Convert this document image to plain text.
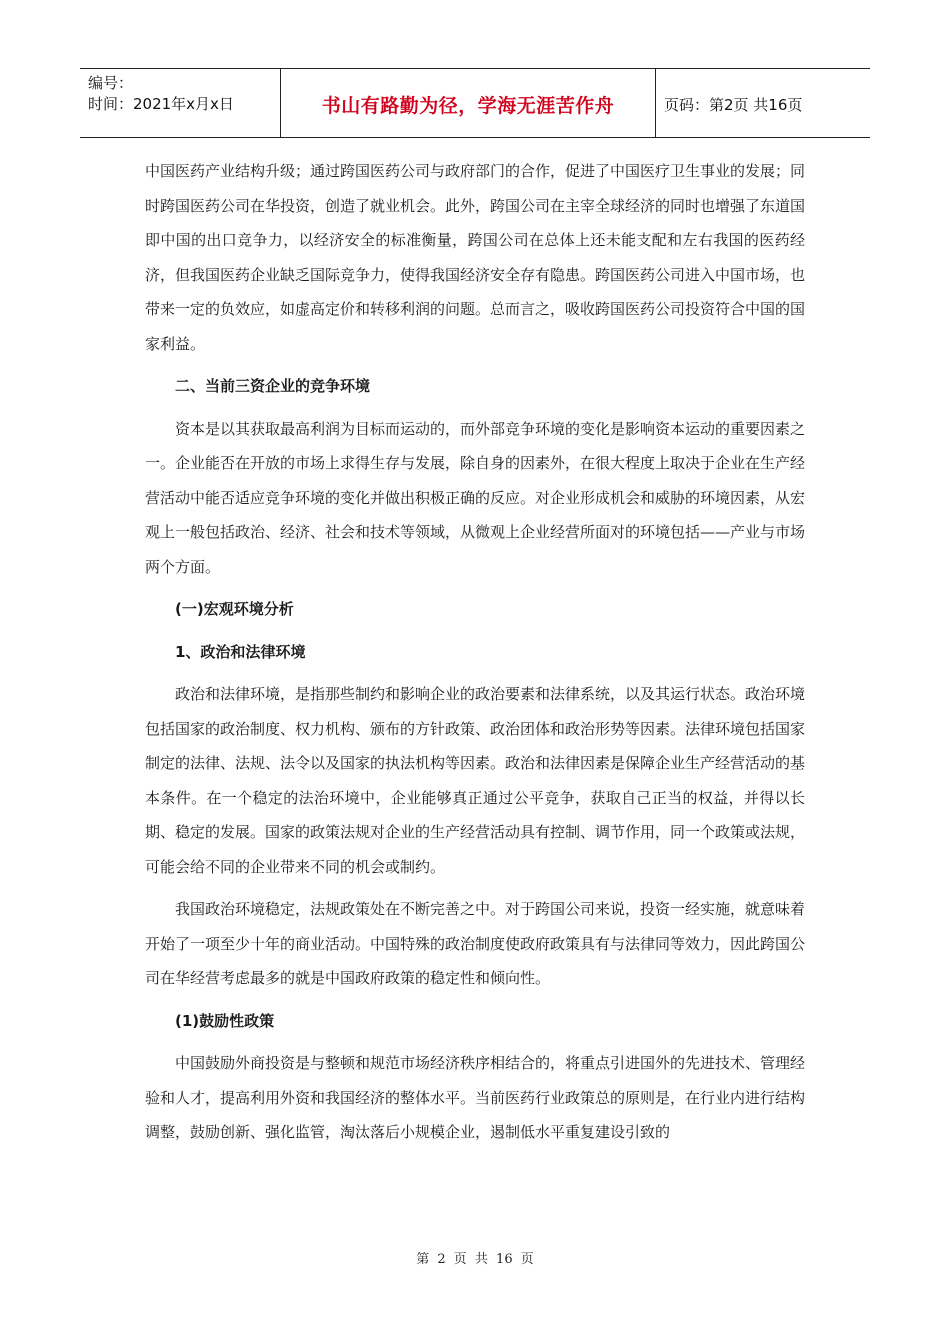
编号：
时间：2021年x月x日	书山有路勤为径，学海无涯苦作舟	页码：第2页 共16页

中国医药产业结构升级；通过跨国医药公司与政府部门的合作，促进了中国医疗卫生事业的发展；同时跨国医药公司在华投资，创造了就业机会。此外，跨国公司在主宰全球经济的同时也增强了东道国即中国的出口竞争力，以经济安全的标准衡量，跨国公司在总体上还未能支配和左右我国的医药经济，但我国医药企业缺乏国际竞争力，使得我国经济安全存有隐患。跨国医药公司进入中国市场，也带来一定的负效应，如虚高定价和转移利润的问题。总而言之，吸收跨国医药公司投资符合中国的国家利益。

二、当前三资企业的竞争环境

资本是以其获取最高利润为目标而运动的，而外部竞争环境的变化是影响资本运动的重要因素之一。企业能否在开放的市场上求得生存与发展，除自身的因素外，在很大程度上取决于企业在生产经营活动中能否适应竞争环境的变化并做出积极正确的反应。对企业形成机会和威胁的环境因素，从宏观上一般包括政治、经济、社会和技术等领域，从微观上企业经营所面对的环境包括——产业与市场两个方面。

(一)宏观环境分析
1、政治和法律环境

政治和法律环境，是指那些制约和影响企业的政治要素和法律系统，以及其运行状态。政治环境包括国家的政治制度、权力机构、颁布的方针政策、政治团体和政治形势等因素。法律环境包括国家制定的法律、法规、法令以及国家的执法机构等因素。政治和法律因素是保障企业生产经营活动的基本条件。在一个稳定的法治环境中，企业能够真正通过公平竞争，获取自己正当的权益，并得以长期、稳定的发展。国家的政策法规对企业的生产经营活动具有控制、调节作用，同一个政策或法规，可能会给不同的企业带来不同的机会或制约。

我国政治环境稳定，法规政策处在不断完善之中。对于跨国公司来说，投资一经实施，就意味着开始了一项至少十年的商业活动。中国特殊的政治制度使政府政策具有与法律同等效力，因此跨国公司在华经营考虑最多的就是中国政府政策的稳定性和倾向性。

(1)鼓励性政策

中国鼓励外商投资是与整顿和规范市场经济秩序相结合的，将重点引进国外的先进技术、管理经验和人才，提高利用外资和我国经济的整体水平。当前医药行业政策总的原则是，在行业内进行结构调整，鼓励创新、强化监管，淘汰落后小规模企业，遏制低水平重复建设引致的

第 2 页 共 16 页
